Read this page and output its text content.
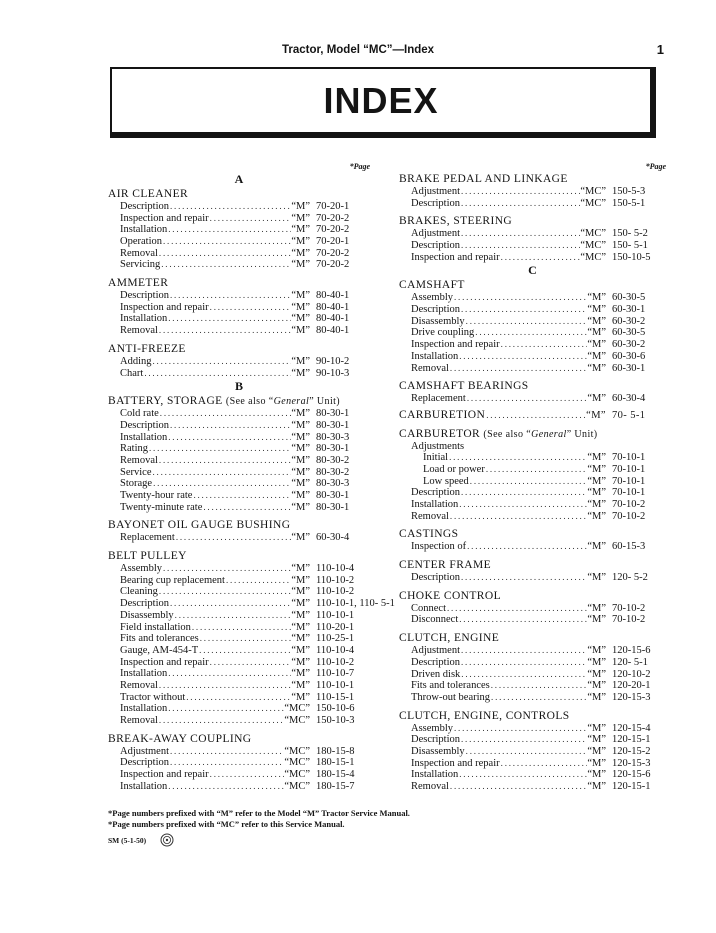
Tractor, Model “MC”—Index	1
INDEX
*Page
A
AIR CLEANER
Description .....	“M” 70-20-1
Inspection and repair .....	“M” 70-20-2
Installation .....	“M” 70-20-2
Operation .....	“M” 70-20-1
Removal .....	“M” 70-20-2
Servicing .....	“M” 70-20-2
AMMETER
Description .....	“M” 80-40-1
Inspection and repair .....	“M” 80-40-1
Installation .....	“M” 80-40-1
Removal .....	“M” 80-40-1
ANTI-FREEZE
Adding .....	“M” 90-10-2
Chart .....	“M” 90-10-3
B
BATTERY, STORAGE (See also “General” Unit)
Cold rate .....	“M” 80-30-1
Description .....	“M” 80-30-1
Installation .....	“M” 80-30-3
Rating .....	“M” 80-30-1
Removal .....	“M” 80-30-2
Service .....	“M” 80-30-2
Storage .....	“M” 80-30-3
Twenty-hour rate .....	“M” 80-30-1
Twenty-minute rate .....	“M” 80-30-1
BAYONET OIL GAUGE BUSHING
Replacement .....	“M” 60-30-4
BELT PULLEY
Assembly .....	“M” 110-10-4
Bearing cup replacement .....	“M” 110-10-2
Cleaning .....	“M” 110-10-2
Description .....	“M” 110-10-1, 110- 5-1
Disassembly .....	“M” 110-10-1
Field installation .....	“M” 110-20-1
Fits and tolerances .....	“M” 110-25-1
Gauge, AM-454-T .....	“M” 110-10-4
Inspection and repair .....	“M” 110-10-2
Installation .....	“M” 110-10-7
Removal .....	“M” 110-10-1
Tractor without .....	“M” 110-15-1
Installation .....	“MC” 150-10-6
Removal .....	“MC” 150-10-3
BREAK-AWAY COUPLING
Adjustment .....	“MC” 180-15-8
Description .....	“MC” 180-15-1
Inspection and repair .....	“MC” 180-15-4
Installation .....	“MC” 180-15-7
*Page
BRAKE PEDAL AND LINKAGE
Adjustment .....	“MC” 150-5-3
Description .....	“MC” 150-5-1
BRAKES, STEERING
Adjustment .....	“MC” 150- 5-2
Description .....	“MC” 150- 5-1
Inspection and repair .....	“MC” 150-10-5
C
CAMSHAFT
Assembly .....	“M” 60-30-5
Description .....	“M” 60-30-1
Disassembly .....	“M” 60-30-2
Drive coupling .....	“M” 60-30-5
Inspection and repair .....	“M” 60-30-2
Installation .....	“M” 60-30-6
Removal .....	“M” 60-30-1
CAMSHAFT BEARINGS
Replacement .....	“M” 60-30-4
CARBURETION .....	“M” 70- 5-1
CARBURETOR (See also “General” Unit)
Adjustments
Initial .....	“M” 70-10-1
Load or power .....	“M” 70-10-1
Low speed .....	“M” 70-10-1
Description .....	“M” 70-10-1
Installation .....	“M” 70-10-2
Removal .....	“M” 70-10-2
CASTINGS
Inspection of .....	“M” 60-15-3
CENTER FRAME
Description .....	“M” 120- 5-2
CHOKE CONTROL
Connect .....	“M” 70-10-2
Disconnect .....	“M” 70-10-2
CLUTCH, ENGINE
Adjustment .....	“M” 120-15-6
Description .....	“M” 120- 5-1
Driven disk .....	“M” 120-10-2
Fits and tolerances .....	“M” 120-20-1
Throw-out bearing .....	“M” 120-15-3
CLUTCH, ENGINE, CONTROLS
Assembly .....	“M” 120-15-4
Description .....	“M” 120-15-1
Disassembly .....	“M” 120-15-2
Inspection and repair .....	“M” 120-15-3
Installation .....	“M” 120-15-6
Removal .....	“M” 120-15-1
*Page numbers prefixed with “M” refer to the Model “M” Tractor Service Manual.
*Page numbers prefixed with “MC” refer to this Service Manual.
SM (5-1-50)
